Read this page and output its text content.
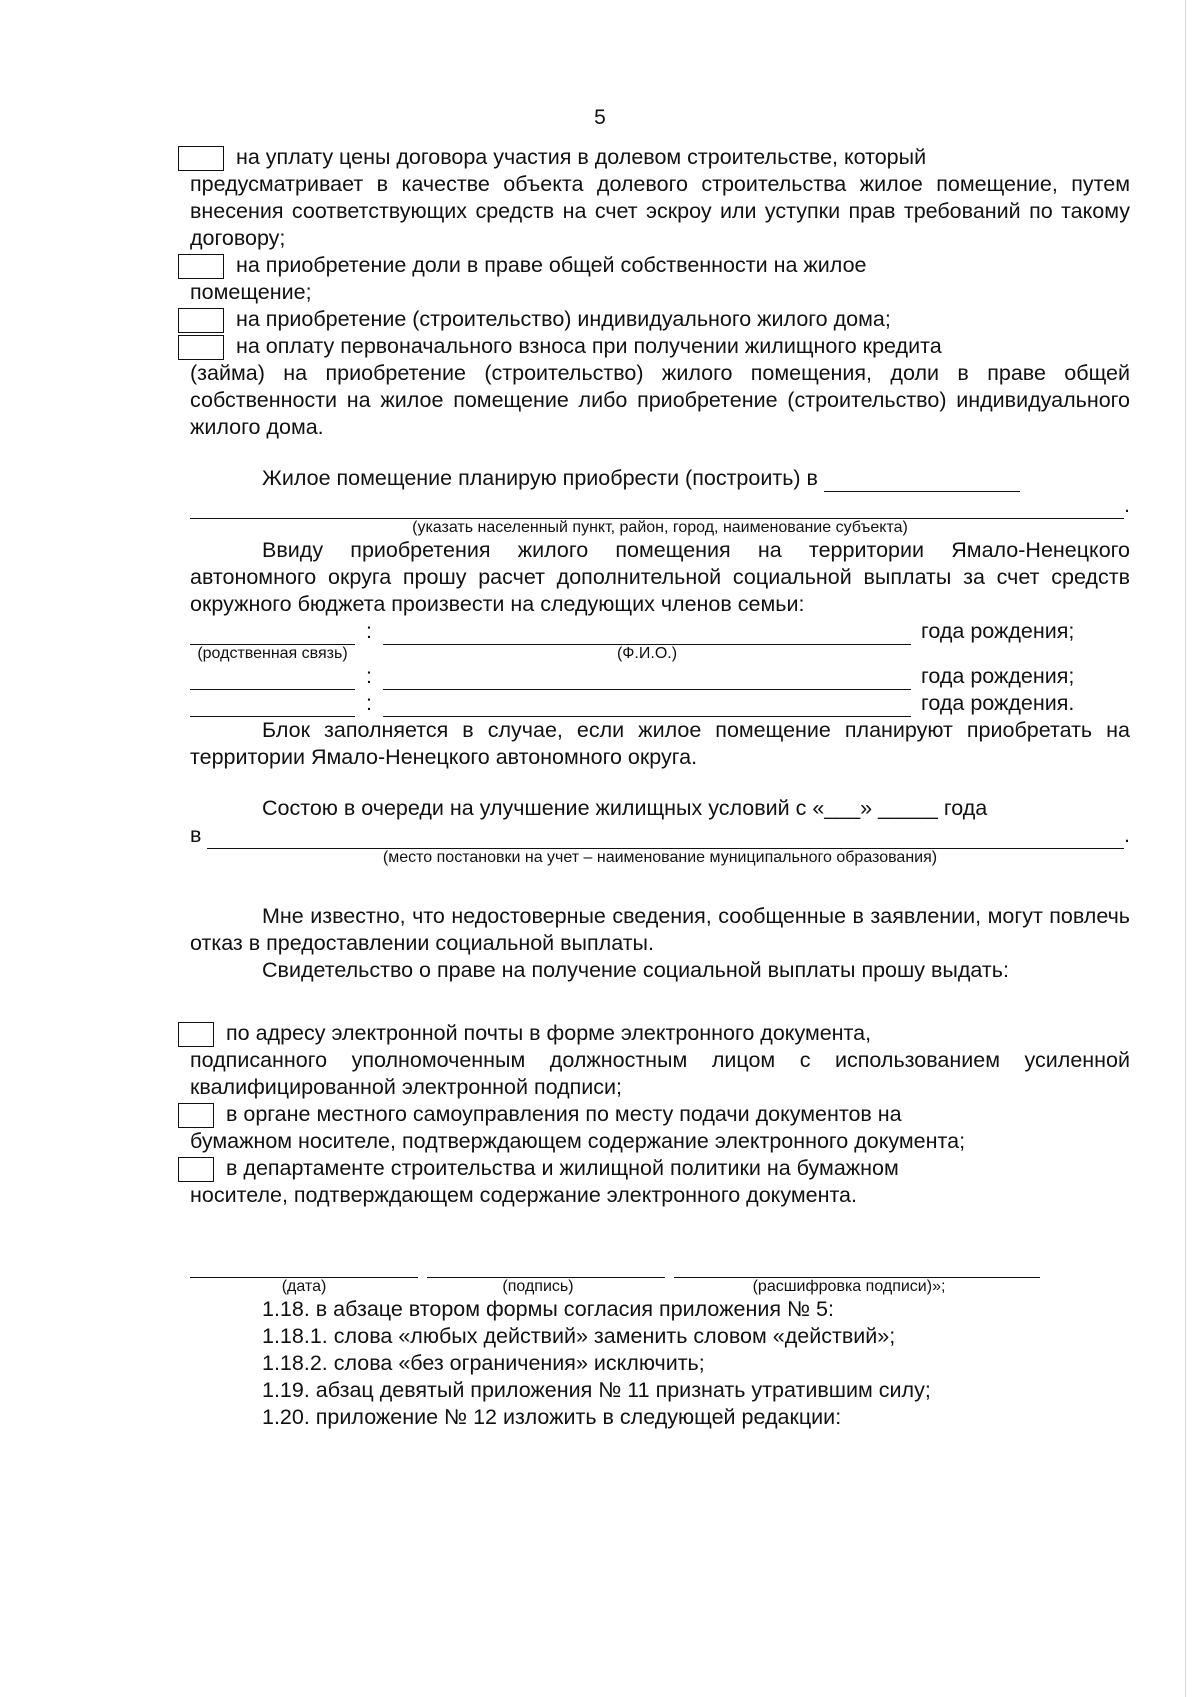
5
на уплату цены договора участия в долевом строительстве, который

предусматривает в качестве объекта долевого строительства жилое помещение, путем внесения соответствующих средств на счет эскроу или уступки прав требований по такому договору;

на приобретение доли в праве общей собственности на жилое

помещение;

на приобретение (строительство) индивидуального жилого дома;
на оплату первоначального взноса при получении жилищного кредита

(займа) на приобретение (строительство) жилого помещения, доли в праве общей собственности на жилое помещение либо приобретение (строительство) индивидуального жилого дома.

Жилое помещение планирую приобрести (построить) в
.
(указать населенный пункт, район, город, наименование субъекта)

Ввиду приобретения жилого помещения на территории Ямало-Ненецкого автономного округа прошу расчет дополнительной социальной выплаты за счет средств окружного бюджета произвести на следующих членов семьи:

:	года рождения;
(родственная связь)	(Ф.И.О.)
:	года рождения;
:	года рождения.

Блок заполняется в случае, если жилое помещение планируют приобретать на территории Ямало-Ненецкого автономного округа.

Состою в очереди на улучшение жилищных условий с «___» _____ года

в	.
(место постановки на учет – наименование муниципального образования)

Мне известно, что недостоверные сведения, сообщенные в заявлении, могут повлечь отказ в предоставлении социальной выплаты.

Свидетельство о праве на получение социальной выплаты прошу выдать:

по адресу электронной почты в форме электронного документа,

подписанного уполномоченным должностным лицом с использованием усиленной квалифицированной электронной подписи;

в органе местного самоуправления по месту подачи документов на

бумажном носителе, подтверждающем содержание электронного документа;

в департаменте строительства и жилищной политики на бумажном

носителе, подтверждающем содержание электронного документа.

(дата)	(подпись)	(расшифровка подписи)»;

1.18. в абзаце втором формы согласия приложения № 5:

1.18.1. слова «любых действий» заменить словом «действий»;

1.18.2. слова «без ограничения» исключить;

1.19. абзац девятый приложения № 11 признать утратившим силу;

1.20. приложение № 12 изложить в следующей редакции:
